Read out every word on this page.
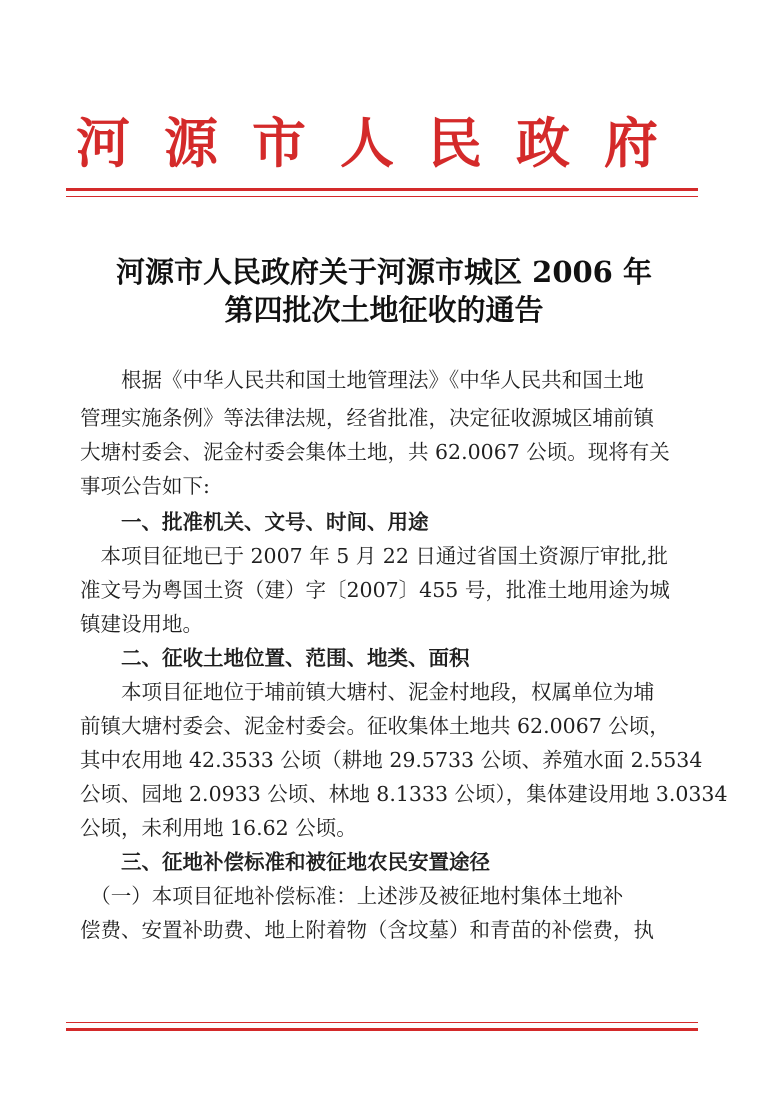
河源市人民政府
河源市人民政府关于河源市城区 2006 年
第四批次土地征收的通告
　　根据《中华人民共和国土地管理法》《中华人民共和国土地
管理实施条例》等法律法规，经省批准，决定征收源城区埔前镇
大塘村委会、泥金村委会集体土地，共 62.0067 公顷。现将有关
事项公告如下:
　　一、批准机关、文号、时间、用途
　本项目征地已于 2007 年 5 月 22 日通过省国土资源厅审批,批
准文号为粤国土资（建）字〔2007〕455 号，批准土地用途为城
镇建设用地。
　　二、征收土地位置、范围、地类、面积
　　本项目征地位于埔前镇大塘村、泥金村地段，权属单位为埔
前镇大塘村委会、泥金村委会。征收集体土地共 62.0067 公顷，
其中农用地 42.3533 公顷（耕地 29.5733 公顷、养殖水面 2.5534
公顷、园地 2.0933 公顷、林地 8.1333 公顷），集体建设用地 3.0334
公顷，未利用地 16.62 公顷。
　　三、征地补偿标准和被征地农民安置途径
　（一）本项目征地补偿标准：上述涉及被征地村集体土地补
偿费、安置补助费、地上附着物（含坟墓）和青苗的补偿费，执
